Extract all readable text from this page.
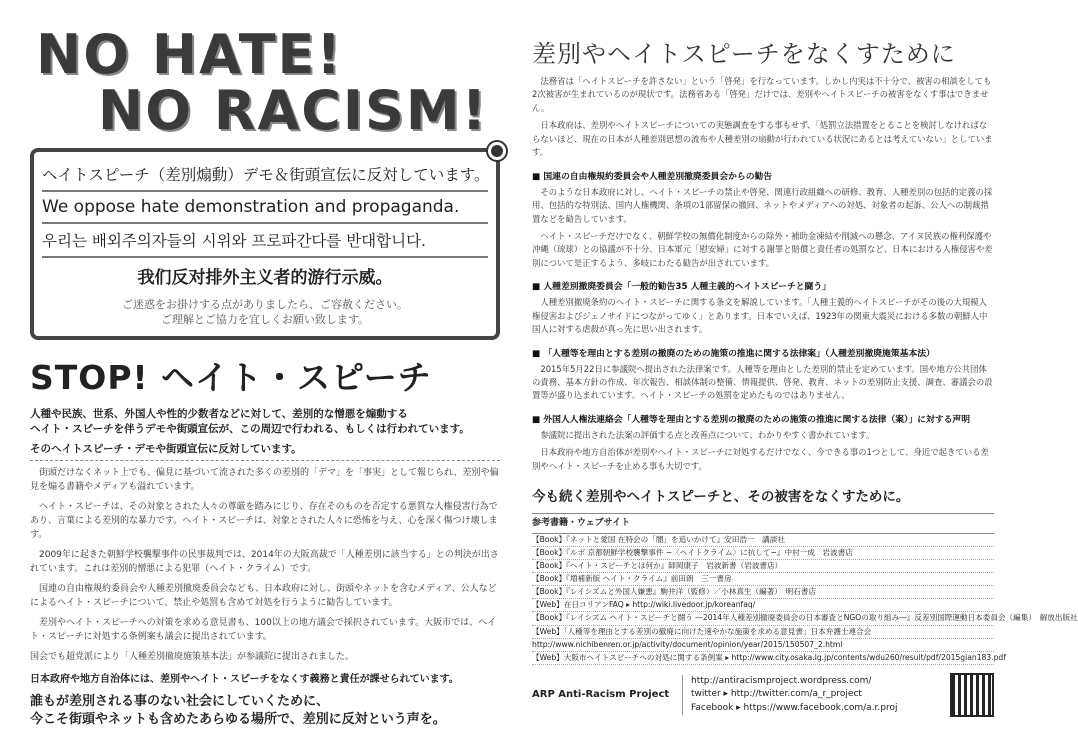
NO HATE!
NO RACISM!
ヘイトスピーチ（差別煽動）デモ＆街頭宣伝に反対しています。
We oppose hate demonstration and propaganda.
우리는 배외주의자들의 시위와 프로파간다를 반대합니다.
我们反对排外主义者的游行示威。
ご迷惑をお掛けする点がありましたら、ご容赦ください。
ご理解とご協力を宜しくお願い致します。
STOP! ヘイト・スピーチ
人種や民族、世系、外国人や性的少数者などに対して、差別的な憎悪を煽動する
ヘイト・スピーチを伴うデモや街頭宣伝が、この周辺で行われる、もしくは行われています。
そのヘイトスピーチ・デモや街頭宣伝に反対しています。

街頭だけなくネット上でも、偏見に基づいて流された多くの差別的「デマ」を「事実」として報じられ、差別や偏見を煽る書籍やメディアも溢れています。

ヘイト・スピーチは、その対象とされた人々の尊厳を踏みにじり、存在そのものを否定する悪質な人権侵害行為であり、言葉による差別的な暴力です。ヘイト・スピーチは、対象とされた人々に恐怖を与え、心を深く傷つけ壊します。

2009年に起きた朝鮮学校襲撃事件の民事裁判では、2014年の大阪高裁で「人種差別に該当する」との判決が出されています。これは差別的憎悪による犯罪（ヘイト・クライム）です。

国連の自由権規約委員会や人種差別撤廃委員会なども、日本政府に対し、街頭やネットを含むメディア、公人などによるヘイト・スピーチについて、禁止や処罰も含めて対処を行うように勧告しています。

差別やヘイト・スピーチへの対策を求める意見書も、100以上の地方議会で採択されています。大阪市では、ヘイト・スピーチに対処する条例案も議会に提出されています。

国会でも超党派により「人種差別撤廃施策基本法」が参議院に提出されました。

日本政府や地方自治体には、差別やヘイト・スピーチをなくす義務と責任が課せられています。
誰もが差別される事のない社会にしていくために、
今こそ街頭やネットも含めたあらゆる場所で、差別に反対という声を。
差別やヘイトスピーチをなくすために

法務省は「ヘイトスピーチを許さない」という「啓発」を行なっています。しかし内実は不十分で、被害の相談をしても2次被害が生まれているのが現状です。法務省ある「啓発」だけでは、差別やヘイトスピーチの被害をなくす事はできません。

日本政府は、差別やヘイトスピーチについての実態調査をする事もせず、「処罰立法措置をとることを検討しなければならないほど、現在の日本が人種差別思想の流布や人種差別の扇動が行われている状況にあるとは考えていない」としています。

■ 国連の自由権規約委員会や人種差別撤廃委員会からの勧告

そのような日本政府に対し、ヘイト・スピーチの禁止や啓発、関連行政組織への研修、教育、人種差別の包括的定義の採用、包括的な特別法、国内人権機関、条項の1部留保の撤回、ネットやメディアへの対処、対象者の起訴、公人への制裁措置などを勧告しています。

ヘイト・スピーチだけでなく、朝鮮学校の無償化制度からの除外・補助金凍結や削減への懸念、アイヌ民族の権利保護や沖縄（琉球）との協議が不十分、日本軍元「慰安婦」に対する謝罪と賠償と責任者の処罰など、日本における人権侵害や差別について是正するよう、多岐にわたる勧告が出されています。

■ 人種差別撤廃委員会「一般的勧告35 人種主義的ヘイトスピーチと闘う」

人種差別撤廃条約のヘイト・スピーチに関する条文を解説しています。「人種主義的ヘイトスピーチがその後の大規模人権侵害およびジェノサイドにつながってゆく」とあります。日本でいえば、1923年の関東大震災における多数の朝鮮人中国人に対する虐殺が真っ先に思い出されます。

■ 「人種等を理由とする差別の撤廃のための施策の推進に関する法律案」（人種差別撤廃施策基本法）

2015年5月22日に参議院へ提出された法律案です。人種等を理由とした差別的禁止を定めています。国や地方公共団体の責務、基本方針の作成、年次報告、相談体制の整備、情報提供、啓発、教育、ネットの差別防止支援、調査、審議会の設置等が盛り込まれています。ヘイト・スピーチの処罰を定めたものではありません。

■ 外国人人権法連絡会「人種等を理由とする差別の撤廃のための施策の推進に関する法律（案）」に対する声明

参議院に提出された法案の評価する点と改善点について、わかりやすく書かれています。

日本政府や地方自治体が差別やヘイト・スピーチに対処するだけでなく、今できる事の1つとして、身近で起きている差別やヘイト・スピーチを止める事も大切です。

今も続く差別やヘイトスピーチと、その被害をなくすために。
参考書籍・ウェブサイト
【Book】『ネットと愛国 在特会の「闇」を追いかけて』安田浩一　講談社
【Book】『ルポ 京都朝鮮学校襲撃事件 −〈ヘイトクライム〉に抗して−』中村一成　岩波書店
【Book】『ヘイト・スピーチとは何か』師岡康子　岩波新書（岩波書店）
【Book】『増補新版 ヘイト・クライム』前田朗　三一書房
【Book】『レイシズムと外国人嫌悪』駒井洋（監修）／小林真生（編著）　明石書店
【Web】在日コリアンFAQ ▸ http://wiki.livedoor.jp/koreanfaq/
【Book】『レイシズム ヘイト・スピーチと闘う ―2014年人種差別撤廃委員会の日本審査とNGOの取り組み―』反差別国際運動日本委員会（編集）　解放出版社
【Web】「人種等を理由とする差別の撤廃に向けた速やかな施策を求める意見書」日本弁護士連合会
http://www.nichibenren.or.jp/activity/document/opinion/year/2015/150507_2.html
【Web】大阪市ヘイトスピーチへの対処に関する条例案 ▸ http://www.city.osaka.lg.jp/contents/wdu260/result/pdf/2015gian183.pdf
ARP Anti-Racism Project
http://antiracismproject.wordpress.com/
twitter ▸ http://twitter.com/a_r_project
Facebook ▸ https://www.facebook.com/a.r.proj
